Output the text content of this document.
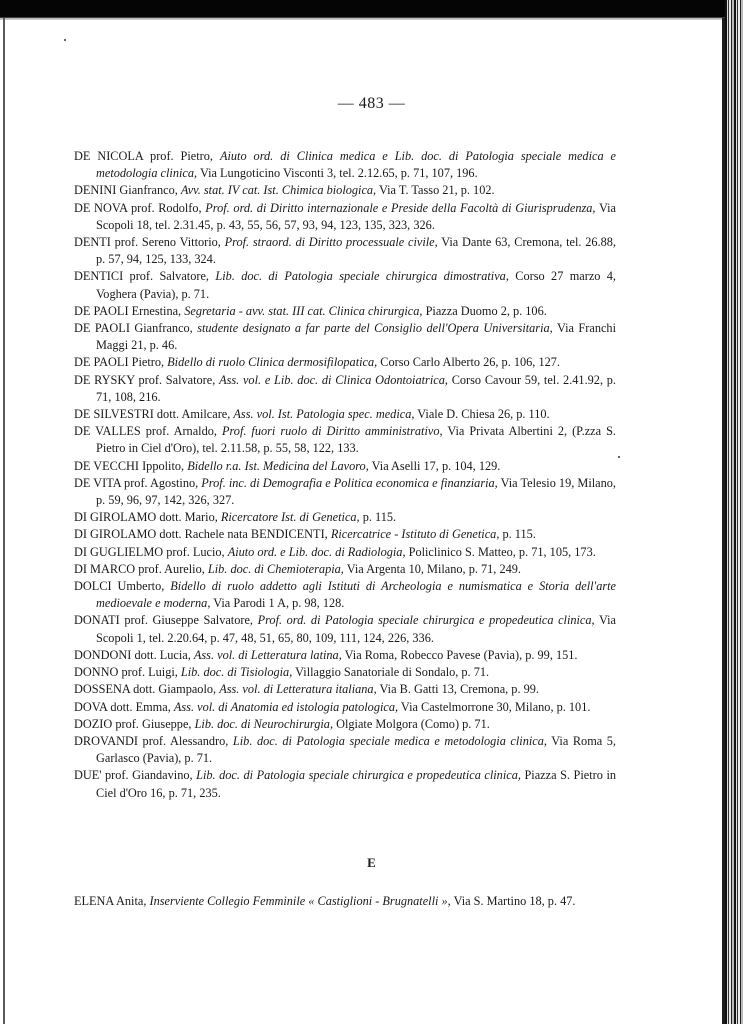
— 483 —

DE NICOLA prof. Pietro, Aiuto ord. di Clinica medica e Lib. doc. di Patologia speciale medica e metodologia clinica, Via Lungoticino Visconti 3, tel. 2.12.65, p. 71, 107, 196.

DENINI Gianfranco, Avv. stat. IV cat. Ist. Chimica biologica, Via T. Tasso 21, p. 102.

DE NOVA prof. Rodolfo, Prof. ord. di Diritto internazionale e Preside della Facoltà di Giurisprudenza, Via Scopoli 18, tel. 2.31.45, p. 43, 55, 56, 57, 93, 94, 123, 135, 323, 326.

DENTI prof. Sereno Vittorio, Prof. straord. di Diritto processuale civile, Via Dante 63, Cremona, tel. 26.88, p. 57, 94, 125, 133, 324.

DENTICI prof. Salvatore, Lib. doc. di Patologia speciale chirurgica dimostrativa, Corso 27 marzo 4, Voghera (Pavia), p. 71.

DE PAOLI Ernestina, Segretaria - avv. stat. III cat. Clinica chirurgica, Piazza Duomo 2, p. 106.

DE PAOLI Gianfranco, studente designato a far parte del Consiglio dell'Opera Universitaria, Via Franchi Maggi 21, p. 46.

DE PAOLI Pietro, Bidello di ruolo Clinica dermosifilopatica, Corso Carlo Alberto 26, p. 106, 127.

DE RYSKY prof. Salvatore, Ass. vol. e Lib. doc. di Clinica Odontoiatrica, Corso Cavour 59, tel. 2.41.92, p. 71, 108, 216.

DE SILVESTRI dott. Amilcare, Ass. vol. Ist. Patologia spec. medica, Viale D. Chiesa 26, p. 110.

DE VALLES prof. Arnaldo, Prof. fuori ruolo di Diritto amministrativo, Via Privata Albertini 2, (P.zza S. Pietro in Ciel d'Oro), tel. 2.11.58, p. 55, 58, 122, 133.

DE VECCHI Ippolito, Bidello r.a. Ist. Medicina del Lavoro, Via Aselli 17, p. 104, 129.

DE VITA prof. Agostino, Prof. inc. di Demografia e Politica economica e finanziaria, Via Telesio 19, Milano, p. 59, 96, 97, 142, 326, 327.

DI GIROLAMO dott. Mario, Ricercatore Ist. di Genetica, p. 115.

DI GIROLAMO dott. Rachele nata BENDICENTI, Ricercatrice - Istituto di Genetica, p. 115.

DI GUGLIELMO prof. Lucio, Aiuto ord. e Lib. doc. di Radiologia, Policlinico S. Matteo, p. 71, 105, 173.

DI MARCO prof. Aurelio, Lib. doc. di Chemioterapia, Via Argenta 10, Milano, p. 71, 249.

DOLCI Umberto, Bidello di ruolo addetto agli Istituti di Archeologia e numismatica e Storia dell'arte medioevale e moderna, Via Parodi 1 A, p. 98, 128.

DONATI prof. Giuseppe Salvatore, Prof. ord. di Patologia speciale chirurgica e propedeutica clinica, Via Scopoli 1, tel. 2.20.64, p. 47, 48, 51, 65, 80, 109, 111, 124, 226, 336.

DONDONI dott. Lucia, Ass. vol. di Letteratura latina, Via Roma, Robecco Pavese (Pavia), p. 99, 151.

DONNO prof. Luigi, Lib. doc. di Tisiologia, Villaggio Sanatoriale di Sondalo, p. 71.

DOSSENA dott. Giampaolo, Ass. vol. di Letteratura italiana, Via B. Gatti 13, Cremona, p. 99.

DOVA dott. Emma, Ass. vol. di Anatomia ed istologia patologica, Via Castelmorrone 30, Milano, p. 101.

DOZIO prof. Giuseppe, Lib. doc. di Neurochirurgia, Olgiate Molgora (Como) p. 71.

DROVANDI prof. Alessandro, Lib. doc. di Patologia speciale medica e metodologia clinica, Via Roma 5, Garlasco (Pavia), p. 71.

DUE' prof. Giandavino, Lib. doc. di Patologia speciale chirurgica e propedeutica clinica, Piazza S. Pietro in Ciel d'Oro 16, p. 71, 235.

E

ELENA Anita, Inserviente Collegio Femminile « Castiglioni - Brugnatelli », Via S. Martino 18, p. 47.
